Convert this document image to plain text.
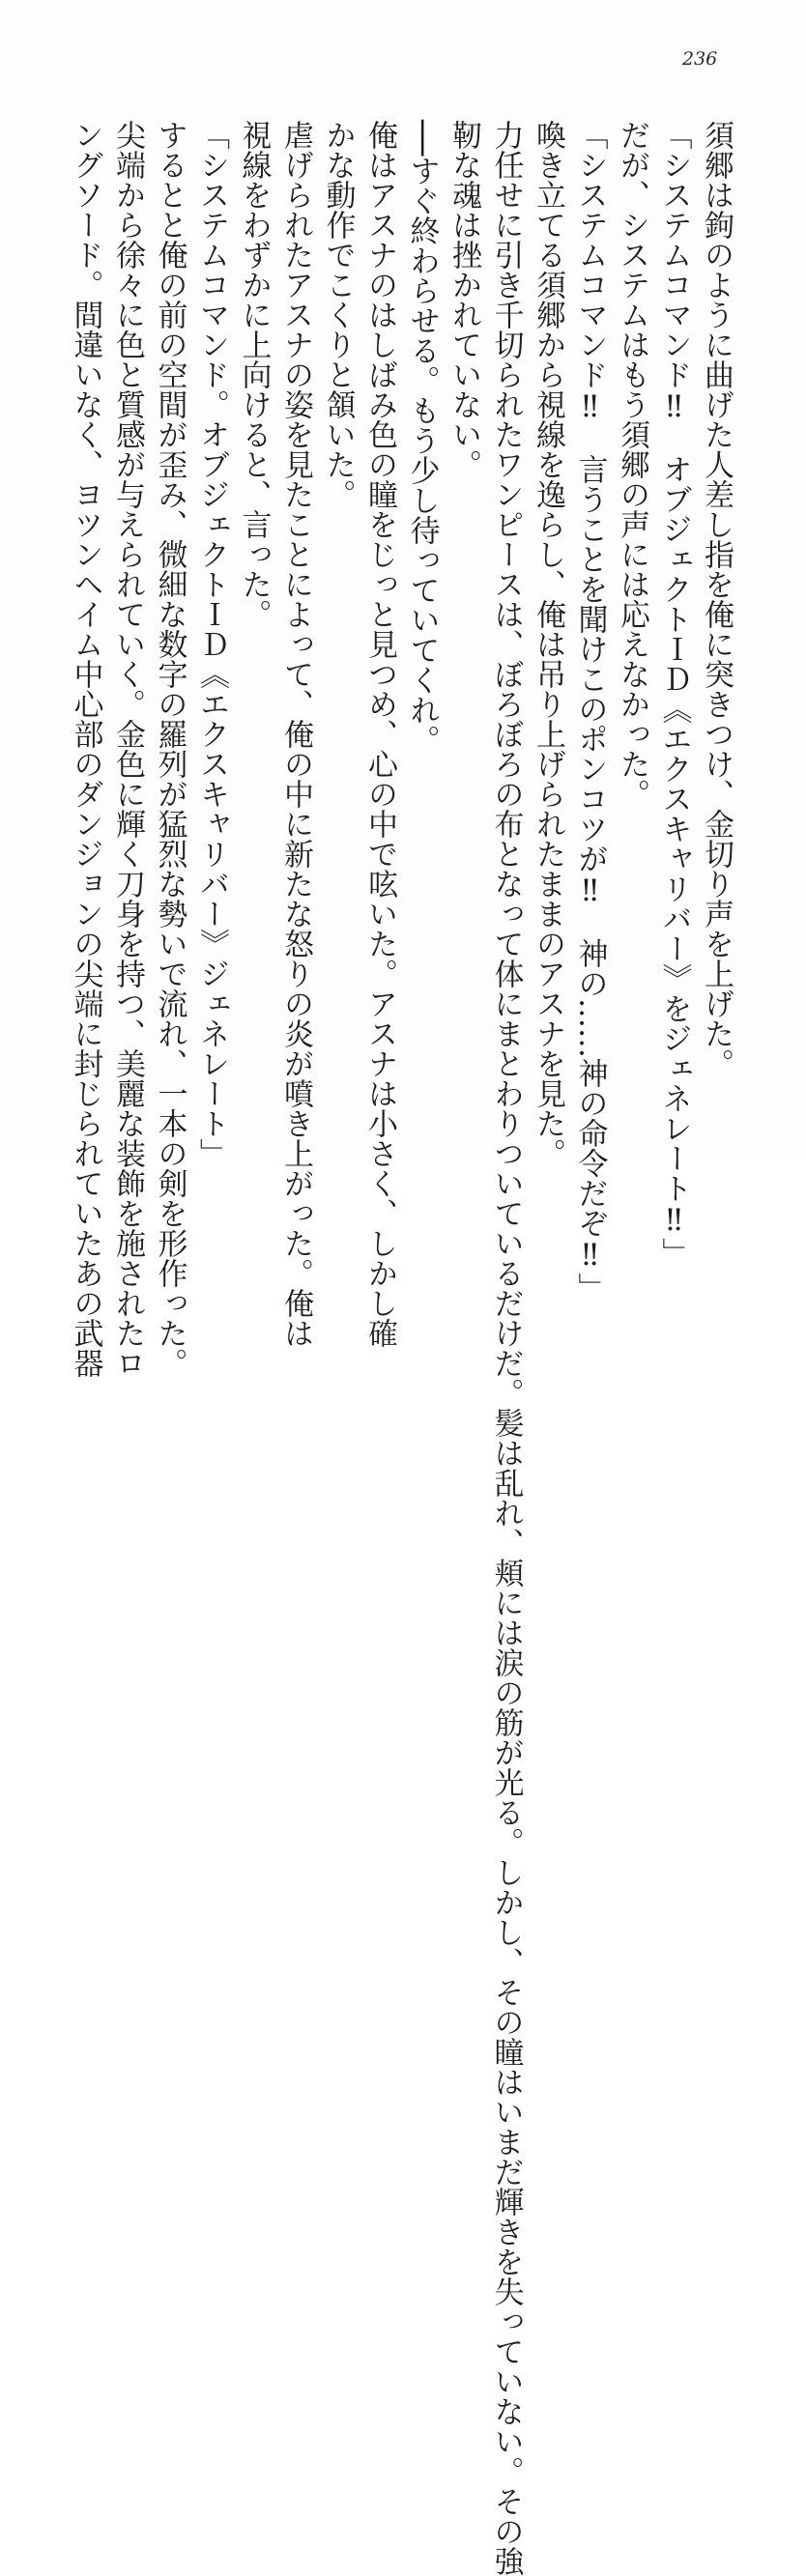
236
須郷は鉤のように曲げた人差し指を俺に突きつけ、金切り声を上げた。
「システムコマンド‼　オブジェクトＩＤ《エクスキャリバー》をジェネレート‼」
だが、システムはもう須郷の声には応えなかった。
「システムコマンド‼　言うことを聞けこのポンコツが‼　神の……神の命令だぞ‼」
喚き立てる須郷から視線を逸らし、俺は吊り上げられたままのアスナを見た。
力任せに引き千切られたワンピースは、ぼろぼろの布となって体にまとわりついているだけだ。髪は乱れ、頬には涙の筋が光る。しかし、その瞳はいまだ輝きを失っていない。その強
靭な魂は挫かれていない。
──すぐ終わらせる。もう少し待っていてくれ。
俺はアスナのはしばみ色の瞳をじっと見つめ、心の中で呟いた。アスナは小さく、しかし確
かな動作でこくりと頷いた。
虐げられたアスナの姿を見たことによって、俺の中に新たな怒りの炎が噴き上がった。俺は
視線をわずかに上向けると、言った。
「システムコマンド。オブジェクトＩＤ《エクスキャリバー》ジェネレート」
するとと俺の前の空間が歪み、微細な数字の羅列が猛烈な勢いで流れ、一本の剣を形作った。
尖端から徐々に色と質感が与えられていく。金色に輝く刀身を持つ、美麗な装飾を施されたロ
ングソード。間違いなく、ヨツンヘイム中心部のダンジョンの尖端に封じられていたあの武器
